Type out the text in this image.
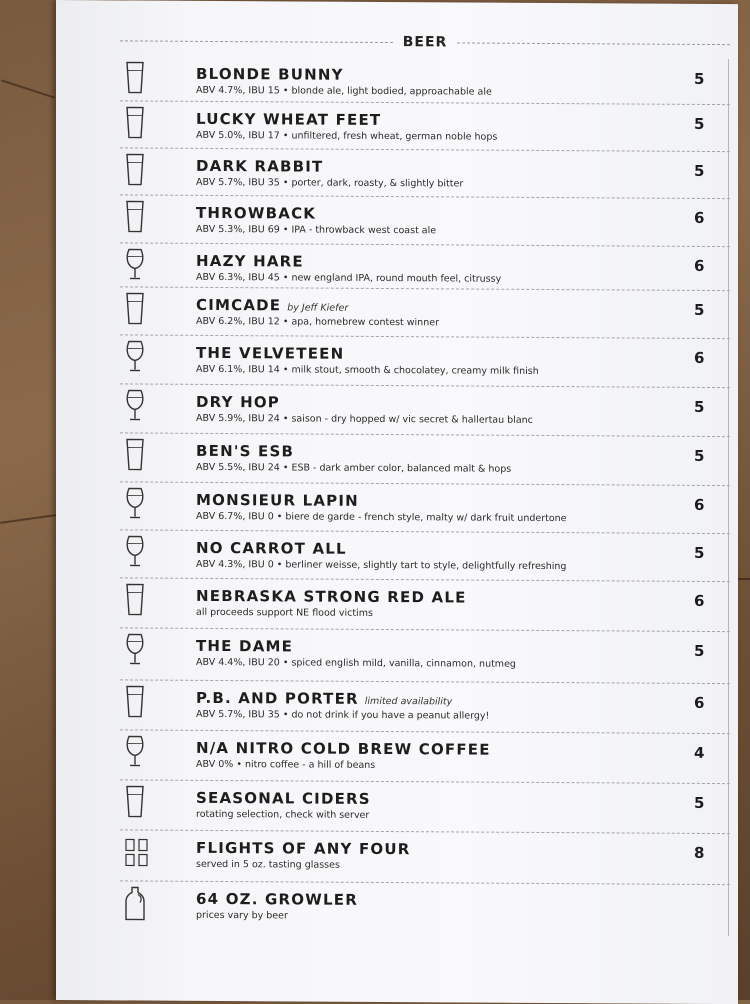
BEER
BLONDE BUNNY
ABV 4.7%, IBU 15 • blonde ale, light bodied, approachable ale
5
LUCKY WHEAT FEET
ABV 5.0%, IBU 17 • unfiltered, fresh wheat, german noble hops
5
DARK RABBIT
ABV 5.7%, IBU 35 • porter, dark, roasty, & slightly bitter
5
THROWBACK
ABV 5.3%, IBU 69 • IPA - throwback west coast ale
6
HAZY HARE
ABV 6.3%, IBU 45 • new england IPA, round mouth feel, citrussy
6
CIMCADE by Jeff Kiefer
ABV 6.2%, IBU 12 • apa, homebrew contest winner
5
THE VELVETEEN
ABV 6.1%, IBU 14 • milk stout, smooth & chocolatey, creamy milk finish
6
DRY HOP
ABV 5.9%, IBU 24 • saison - dry hopped w/ vic secret & hallertau blanc
5
BEN'S ESB
ABV 5.5%, IBU 24 • ESB - dark amber color, balanced malt & hops
5
MONSIEUR LAPIN
ABV 6.7%, IBU 0 • biere de garde - french style, malty w/ dark fruit undertone
6
NO CARROT ALL
ABV 4.3%, IBU 0 • berliner weisse, slightly tart to style, delightfully refreshing
5
NEBRASKA STRONG RED ALE
all proceeds support NE flood victims
6
THE DAME
ABV 4.4%, IBU 20 • spiced english mild, vanilla, cinnamon, nutmeg
5
P.B. AND PORTER limited availability
ABV 5.7%, IBU 35 • do not drink if you have a peanut allergy!
6
N/A NITRO COLD BREW COFFEE
ABV 0% • nitro coffee - a hill of beans
4
SEASONAL CIDERS
rotating selection, check with server
5
FLIGHTS OF ANY FOUR
served in 5 oz. tasting glasses
8
64 OZ. GROWLER
prices vary by beer
